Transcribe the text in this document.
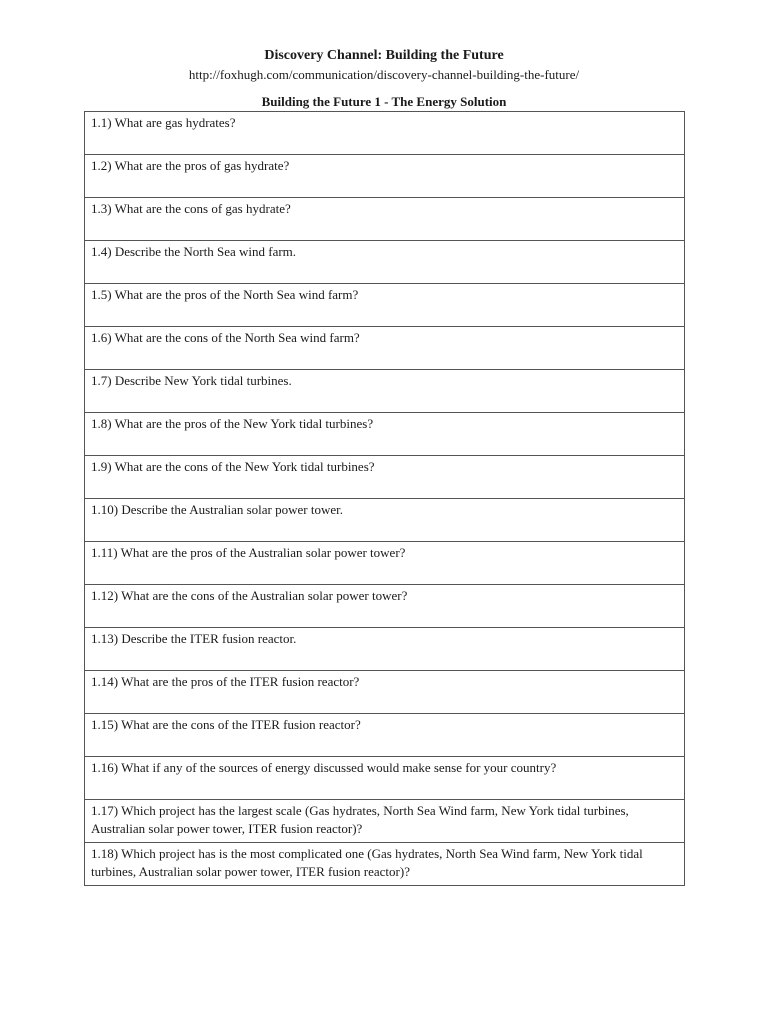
Discovery Channel: Building the Future
http://foxhugh.com/communication/discovery-channel-building-the-future/
Building the Future 1 - The Energy Solution
1.1) What are gas hydrates?
1.2) What are the pros of gas hydrate?
1.3) What are the cons of gas hydrate?
1.4) Describe the North Sea wind farm.
1.5) What are the pros of the North Sea wind farm?
1.6) What are the cons of the North Sea wind farm?
1.7) Describe New York tidal turbines.
1.8) What are the pros of the New York tidal turbines?
1.9) What are the cons of the New York tidal turbines?
1.10) Describe the Australian solar power tower.
1.11) What are the pros of the Australian solar power tower?
1.12) What are the cons of the Australian solar power tower?
1.13) Describe the ITER fusion reactor.
1.14) What are the pros of the ITER fusion reactor?
1.15) What are the cons of the ITER fusion reactor?
1.16) What if any of the sources of energy discussed would make sense for your country?
1.17) Which project has the largest scale (Gas hydrates, North Sea Wind farm, New York tidal turbines, Australian solar power tower, ITER fusion reactor)?
1.18) Which project has is the most complicated one (Gas hydrates, North Sea Wind farm, New York tidal turbines, Australian solar power tower, ITER fusion reactor)?
